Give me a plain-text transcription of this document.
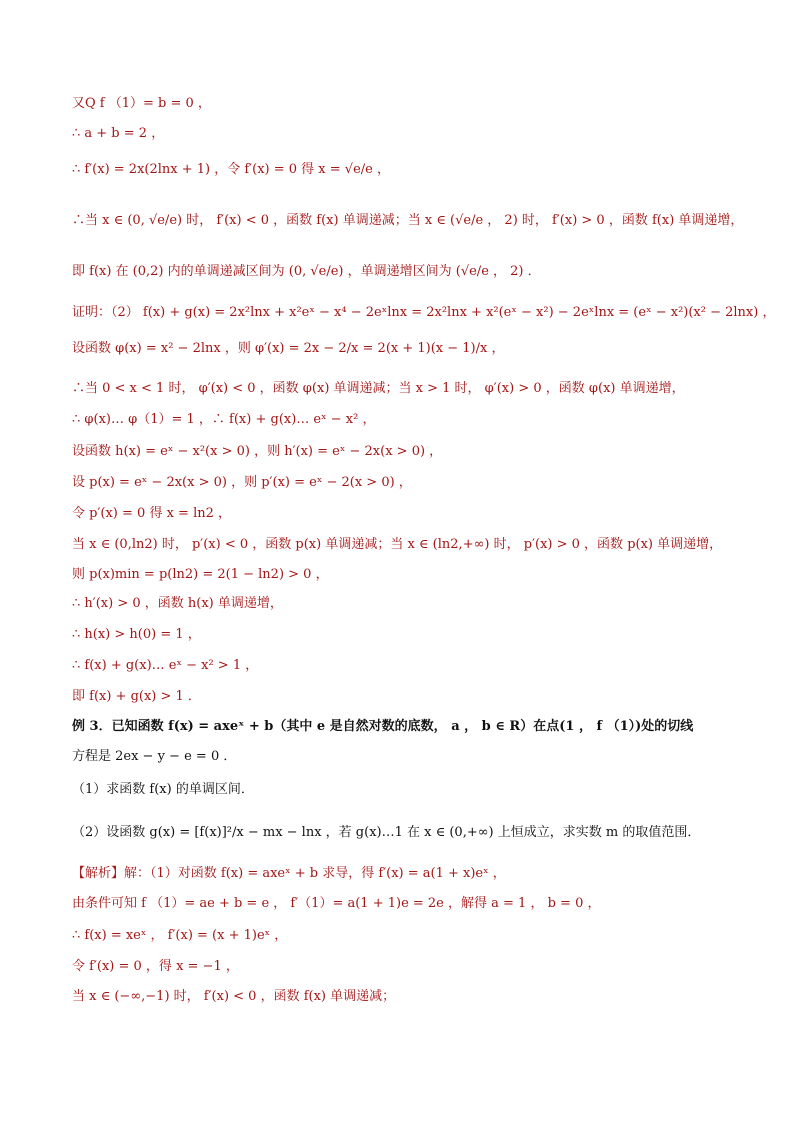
又Q f （1）= b = 0 ，
∴ a + b = 2 ，
∴ f′(x) = 2x(2lnx + 1) ，令 f′(x) = 0 得 x = √e/e ，
∴当 x ∈ (0, √e/e) 时， f′(x) < 0 ，函数 f(x) 单调递减；当 x ∈ (√e/e ， 2) 时， f′(x) > 0 ，函数 f(x) 单调递增，
即 f(x) 在 (0,2) 内的单调递减区间为 (0, √e/e) ，单调递增区间为 (√e/e ， 2) ．
证明：（2） f(x) + g(x) = 2x²lnx + x²eˣ − x⁴ − 2eˣlnx = 2x²lnx + x²(eˣ − x²) − 2eˣlnx = (eˣ − x²)(x² − 2lnx) ，
设函数 φ(x) = x² − 2lnx ，则 φ′(x) = 2x − 2/x = 2(x + 1)(x − 1)/x ，
∴当 0 < x < 1 时， φ′(x) < 0 ，函数 φ(x) 单调递减；当 x > 1 时， φ′(x) > 0 ，函数 φ(x) 单调递增，
∴ φ(x)… φ（1）= 1 ，∴ f(x) + g(x)… eˣ − x² ，
设函数 h(x) = eˣ − x²(x > 0) ，则 h′(x) = eˣ − 2x(x > 0) ，
设 p(x) = eˣ − 2x(x > 0) ，则 p′(x) = eˣ − 2(x > 0) ，
令 p′(x) = 0 得 x = ln2 ，
当 x ∈ (0,ln2) 时， p′(x) < 0 ，函数 p(x) 单调递减；当 x ∈ (ln2,+∞) 时， p′(x) > 0 ，函数 p(x) 单调递增，
则 p(x)min = p(ln2) = 2(1 − ln2) > 0 ，
∴ h′(x) > 0 ，函数 h(x) 单调递增，
∴ h(x) > h(0) = 1 ，
∴ f(x) + g(x)… eˣ − x² > 1 ，
即 f(x) + g(x) > 1 ．
例 3．已知函数 f(x) = axeˣ + b（其中 e 是自然对数的底数， a ， b ∈ R）在点(1 ， f （1）)处的切线
方程是 2ex − y − e = 0 ．
（1）求函数 f(x) 的单调区间．
（2）设函数 g(x) = [f(x)]²/x − mx − lnx ，若 g(x)…1 在 x ∈ (0,+∞) 上恒成立，求实数 m 的取值范围．
【解析】解：（1）对函数 f(x) = axeˣ + b 求导，得 f′(x) = a(1 + x)eˣ ，
由条件可知 f （1）= ae + b = e ， f′（1）= a(1 + 1)e = 2e ，解得 a = 1 ， b = 0 ，
∴ f(x) = xeˣ ， f′(x) = (x + 1)eˣ ，
令 f′(x) = 0 ，得 x = −1 ，
当 x ∈ (−∞,−1) 时， f′(x) < 0 ，函数 f(x) 单调递减；
